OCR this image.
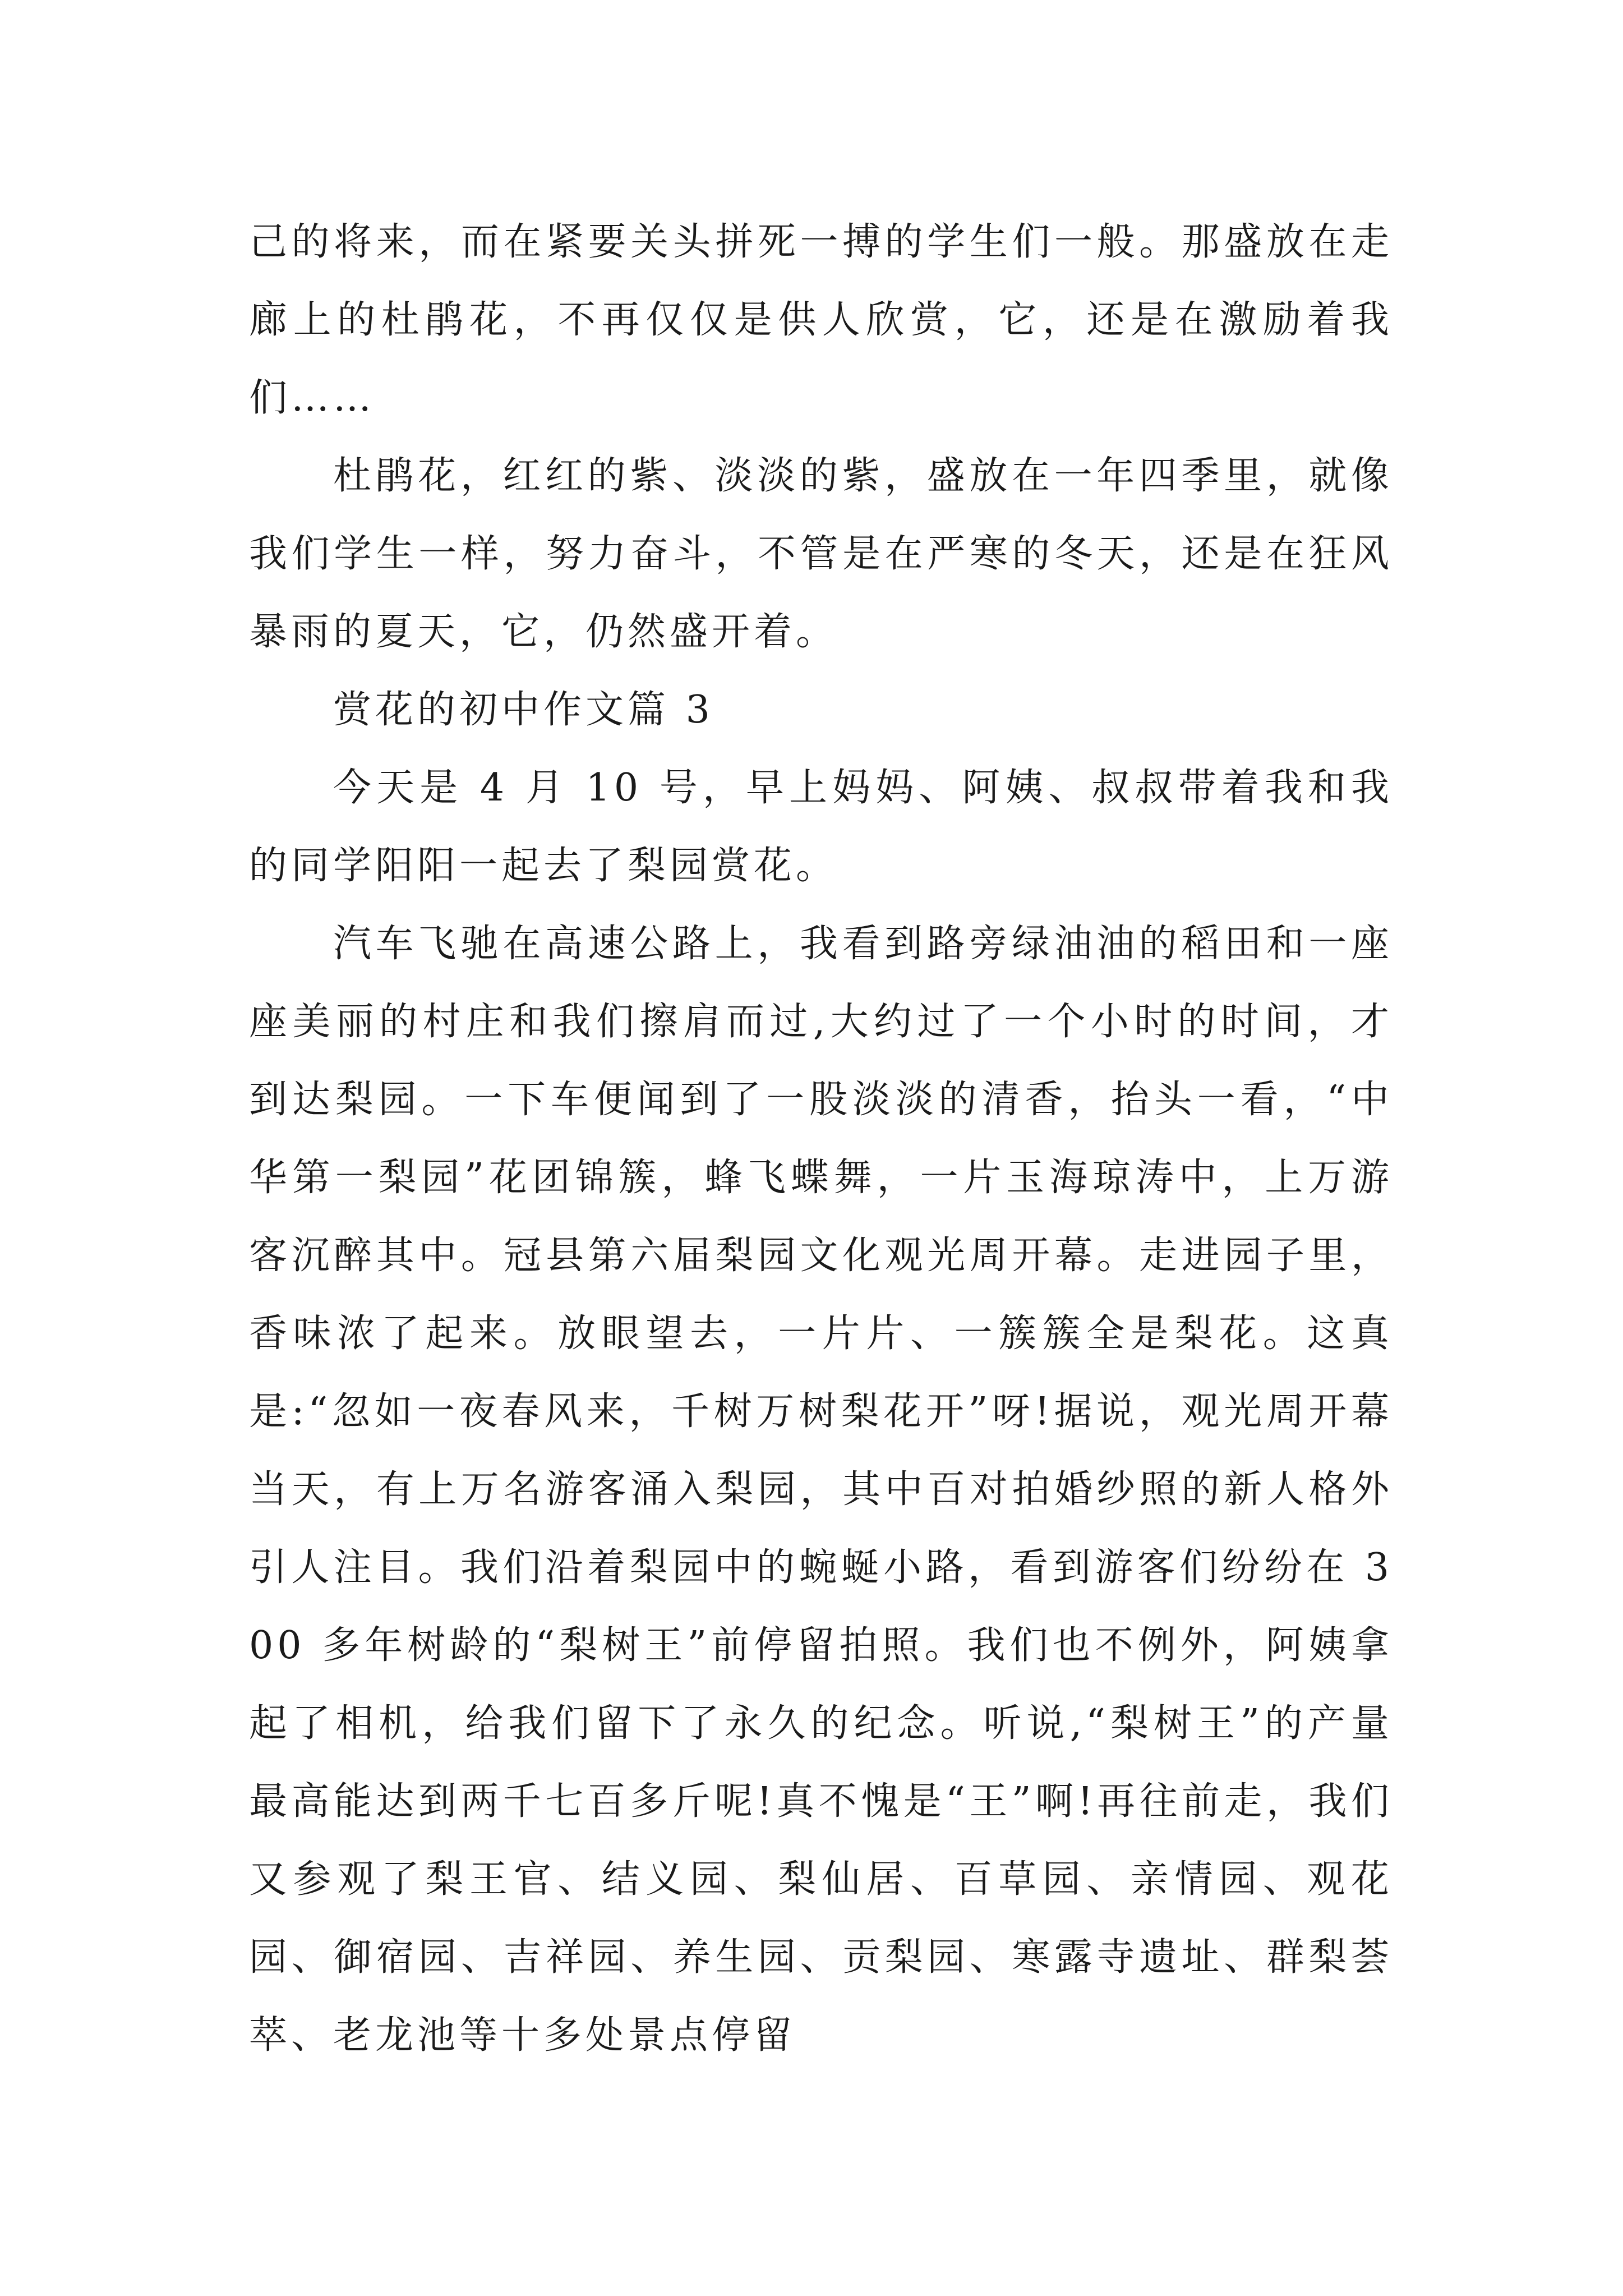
己的将来，而在紧要关头拼死一搏的学生们一般。那盛放在走廊上的杜鹃花，不再仅仅是供人欣赏，它，还是在激励着我们……

杜鹃花，红红的紫、淡淡的紫，盛放在一年四季里，就像我们学生一样，努力奋斗，不管是在严寒的冬天，还是在狂风暴雨的夏天，它，仍然盛开着。

赏花的初中作文篇 3

今天是 4 月 10 号，早上妈妈、阿姨、叔叔带着我和我的同学阳阳一起去了梨园赏花。

汽车飞驰在高速公路上，我看到路旁绿油油的稻田和一座座美丽的村庄和我们擦肩而过,大约过了一个小时的时间，才到达梨园。一下车便闻到了一股淡淡的清香，抬头一看，“中华第一梨园”花团锦簇，蜂飞蝶舞，一片玉海琼涛中，上万游客沉醉其中。冠县第六届梨园文化观光周开幕。走进园子里，香味浓了起来。放眼望去，一片片、一簇簇全是梨花。这真是:“忽如一夜春风来，千树万树梨花开”呀!据说，观光周开幕当天，有上万名游客涌入梨园，其中百对拍婚纱照的新人格外引人注目。我们沿着梨园中的蜿蜒小路，看到游客们纷纷在 300 多年树龄的“梨树王”前停留拍照。我们也不例外，阿姨拿起了相机，给我们留下了永久的纪念。听说,“梨树王”的产量最高能达到两千七百多斤呢!真不愧是“王”啊!再往前走，我们又参观了梨王官、结义园、梨仙居、百草园、亲情园、观花园、御宿园、吉祥园、养生园、贡梨园、寒露寺遗址、群梨荟萃、老龙池等十多处景点停留
